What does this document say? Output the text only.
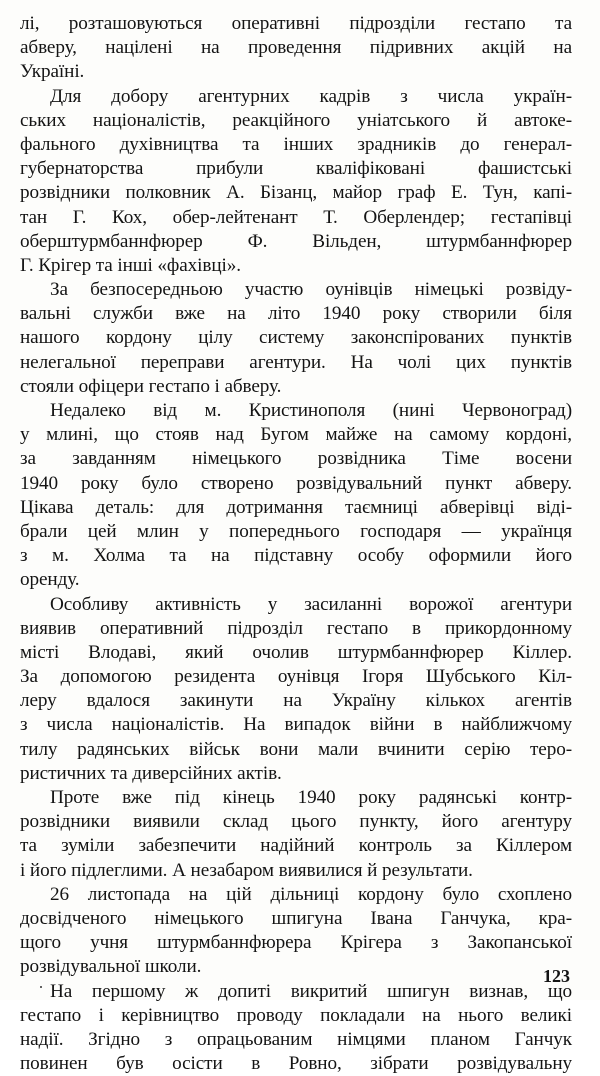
лі, розташовуються оперативні підрозділи гестапо та
абверу, націлені на проведення підривних акцій на
Україні.
Для добору агентурних кадрів з числа україн-
ських націоналістів, реакційного уніатського й автоке-
фального духівництва та інших зрадників до генерал-
губернаторства прибули кваліфіковані фашистські
розвідники полковник А. Бізанц, майор граф Е. Тун, капі-
тан Г. Кох, обер-лейтенант Т. Оберлендер; гестапівці
оберштурмбаннфюрер Ф. Вільден, штурмбаннфюрер
Г. Крігер та інші «фахівці».
За безпосередньою участю оунівців німецькі розвіду-
вальні служби вже на літо 1940 року створили біля
нашого кордону цілу систему законспірованих пунктів
нелегальної переправи агентури. На чолі цих пунктів
стояли офіцери гестапо і абверу.
Недалеко від м. Кристинополя (нині Червоноград)
у млині, що стояв над Бугом майже на самому кордоні,
за завданням німецького розвідника Тіме восени
1940 року було створено розвідувальний пункт абверу.
Цікава деталь: для дотримання таємниці абверівці віді-
брали цей млин у попереднього господаря — українця
з м. Холма та на підставну особу оформили його
оренду.
Особливу активність у засиланні ворожої агентури
виявив оперативний підрозділ гестапо в прикордонному
місті Влодаві, який очолив штурмбаннфюрер Кіллер.
За допомогою резидента оунівця Ігоря Шубського Кіл-
леру вдалося закинути на Україну кількох агентів
з числа націоналістів. На випадок війни в найближчому
тилу радянських військ вони мали вчинити серію теро-
ристичних та диверсійних актів.
Проте вже під кінець 1940 року радянські контр-
розвідники виявили склад цього пункту, його агентуру
та зуміли забезпечити надійний контроль за Кіллером
і його підлеглими. А незабаром виявилися й результати.
26 листопада на цій дільниці кордону було схоплено
досвідченого німецького шпигуна Івана Ганчука, кра-
щого учня штурмбаннфюрера Крігера з Закопанської
розвідувальної школи.
На першому ж допиті викритий шпигун визнав, що
гестапо і керівництво проводу покладали на нього великі
надії. Згідно з опрацьованим німцями планом Ганчук
повинен був осісти в Ровно, зібрати розвідувальну
123
